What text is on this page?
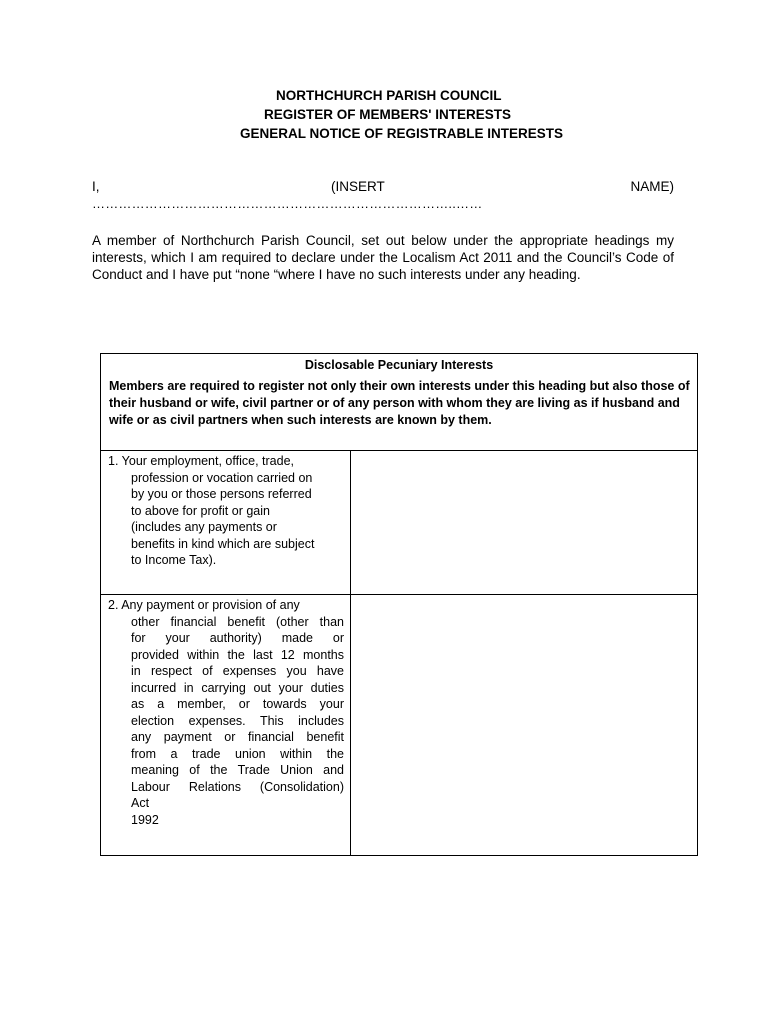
NORTHCHURCH PARISH COUNCIL
REGISTER OF MEMBERS' INTERESTS
GENERAL NOTICE OF REGISTRABLE INTERESTS
I,	(INSERT	NAME)
………………………………………………………………………..……
A member of Northchurch Parish Council, set out below under the appropriate headings my interests, which I am required to declare under the Localism Act 2011 and the Council’s Code of Conduct and I have put “none “where I have no such interests under any heading.
Disclosable Pecuniary Interests
Members are required to register not only their own interests under this heading but also those of their husband or wife, civil partner or of any person with whom they are living as if husband and wife or as civil partners when such interests are known by them.
1. Your employment, office, trade,
profession or vocation carried on
by you or those persons referred
to above for profit or gain
(includes any payments or
benefits in kind which are subject
to Income Tax).
2. Any payment or provision of any
other financial benefit (other than
for your authority) made or
provided within the last 12 months
in respect of expenses you have
incurred in carrying out your duties
as a member, or towards your
election expenses. This includes
any payment or financial benefit
from a trade union within the
meaning of the Trade Union and
Labour Relations (Consolidation)
Act
1992
